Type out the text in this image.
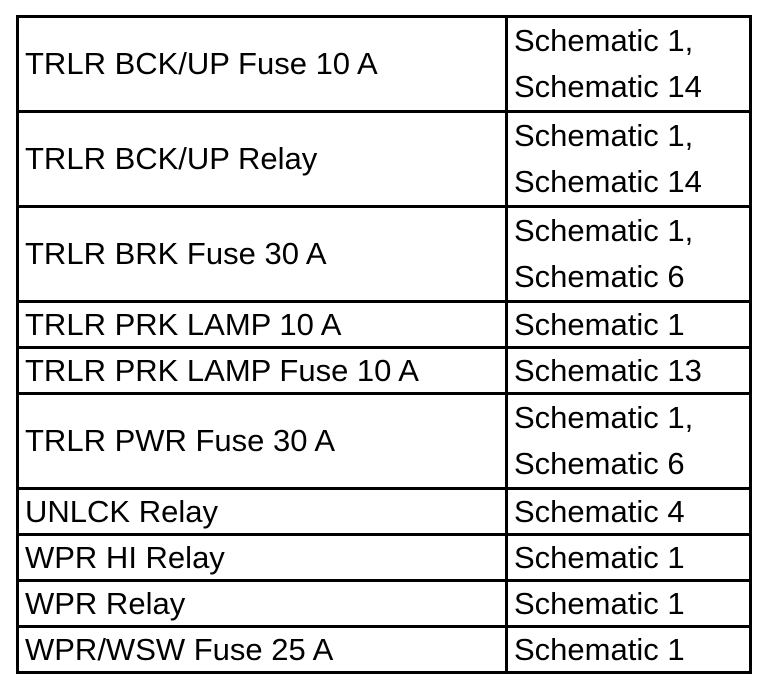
TRLR BCK/UP Fuse 10 A	Schematic 1,
Schematic 14

TRLR BCK/UP Relay	Schematic 1,
Schematic 14

TRLR BRK Fuse 30 A	Schematic 1,
Schematic 6

TRLR PRK LAMP 10 A	Schematic 1
TRLR PRK LAMP Fuse 10 A	Schematic 13
TRLR PWR Fuse 30 A	Schematic 1,
Schematic 6

UNLCK Relay	Schematic 4
WPR HI Relay	Schematic 1
WPR Relay	Schematic 1
WPR/WSW Fuse 25 A	Schematic 1
